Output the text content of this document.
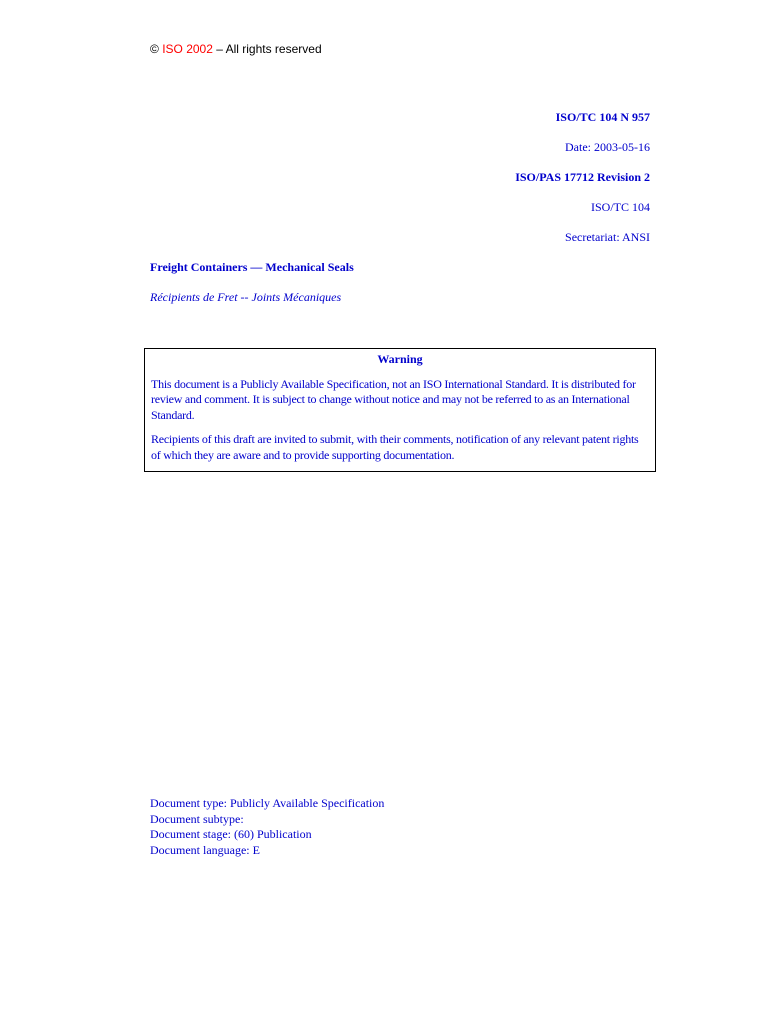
© ISO 2002 – All rights reserved
ISO/TC 104 N 957
Date: 2003-05-16
ISO/PAS 17712 Revision 2
ISO/TC 104
Secretariat: ANSI
Freight Containers — Mechanical Seals
Récipients de Fret -- Joints Mécaniques
Warning

This document is a Publicly Available Specification, not an ISO International Standard. It is distributed for review and comment. It is subject to change without notice and may not be referred to as an International Standard.

Recipients of this draft are invited to submit, with their comments, notification of any relevant patent rights of which they are aware and to provide supporting documentation.

Document type: Publicly Available Specification
Document subtype:
Document stage: (60) Publication
Document language: E
